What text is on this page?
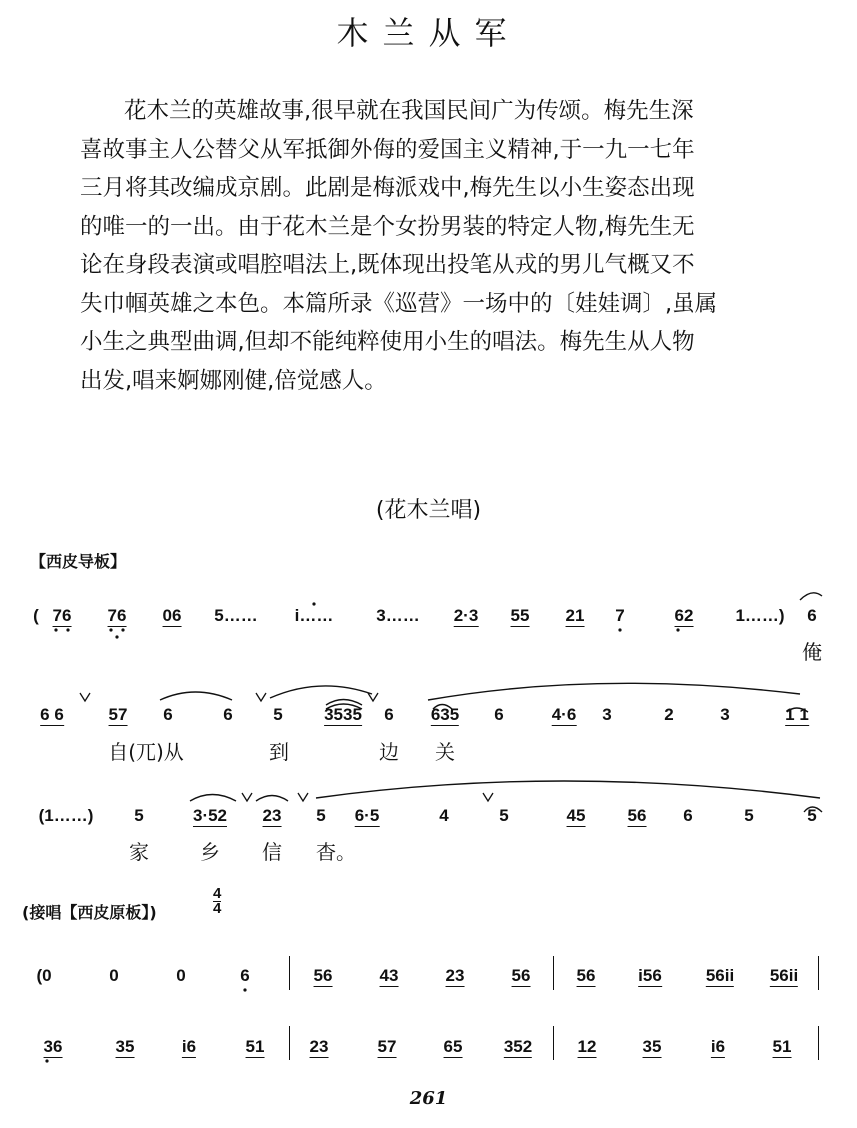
木兰从军
花木兰的英雄故事,很早就在我国民间广为传颂。梅先生深
喜故事主人公替父从军抵御外侮的爱国主义精神,于一九一七年
三月将其改编成京剧。此剧是梅派戏中,梅先生以小生姿态出现
的唯一的一出。由于花木兰是个女扮男装的特定人物,梅先生无
论在身段表演或唱腔唱法上,既体现出投笔从戎的男儿气概又不
失巾帼英雄之本色。本篇所录《巡营》一场中的〔娃娃调〕,虽属
小生之典型曲调,但却不能纯粹使用小生的唱法。梅先生从人物
出发,唱来婀娜刚健,倍觉感人。
(花木兰唱)
【西皮导板】
( 76 76 06 5…… i……	3…… 2·3 55 21 7	62 1……) 6
俺
6 6	57 6	6 5 3535 6 635 6	4·6 3	2	3	1 1
自(兀)从	到	边 关
(1……) 5	3·52 23 5 6·5	4	5	45 56 6	5	5
家	乡 信 杳。
(接唱【西皮原板】)
4
4
(0	0	0	6	56	43	23	56	56	i56	56ii 56ii
36	35	i6	51	23	57	65 352	12	35	i6	51
261
